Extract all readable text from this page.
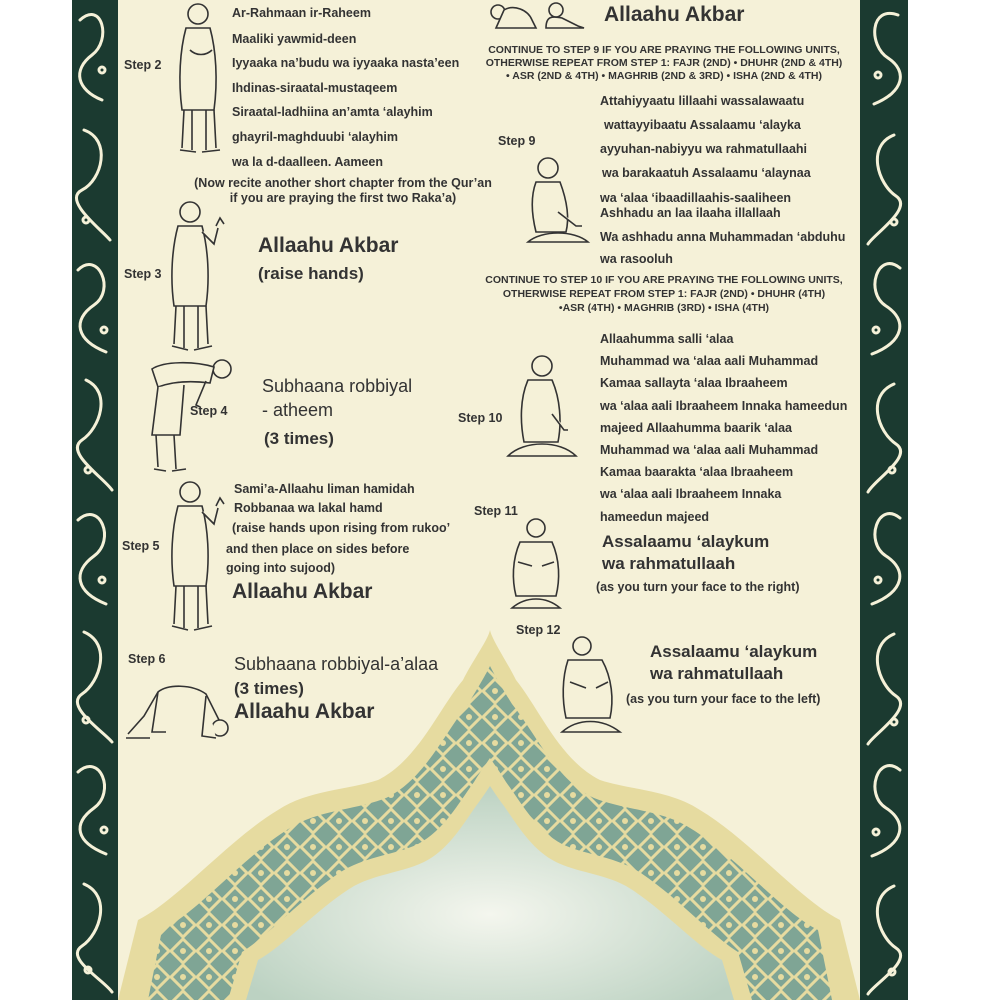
Step 2
Ar-Rahmaan ir-Raheem
Maaliki yawmid-deen
Iyyaaka na’budu wa iyyaaka nasta’een
Ihdinas-siraatal-mustaqeem
Siraatal-ladhiina an’amta ‘alayhim
ghayril-maghduubi ‘alayhim
wa la d-daalleen. Aameen
(Now recite another short chapter from the Qur’an
if you are praying the first two Raka’a)
Step 3
Allaahu Akbar
(raise hands)
Step 4
Subhaana robbiyal
- atheem
(3 times)
Step 5
Sami’a-Allaahu liman hamidah
Robbanaa wa lakal hamd
(raise hands upon rising from rukoo’
and then place on sides before
going into sujood)
Allaahu Akbar
Step 6	Subhaana robbiyal-a’alaa
(3 times)
Allaahu Akbar
Allaahu Akbar
CONTINUE TO STEP 9 IF YOU ARE PRAYING THE FOLLOWING UNITS,
OTHERWISE REPEAT FROM STEP 1: FAJR (2ND) • DHUHR (2ND & 4TH)
• ASR (2ND & 4TH) • MAGHRIB (2ND & 3RD) • ISHA (2ND & 4TH)
Step 9
Attahiyyaatu lillaahi wassalawaatu
wattayyibaatu Assalaamu ‘alayka
ayyuhan-nabiyyu wa rahmatullaahi
wa barakaatuh Assalaamu ‘alaynaa
wa ‘alaa ‘ibaadillaahis-saaliheen
Ashhadu an laa ilaaha illallaah
Wa ashhadu anna Muhammadan ‘abduhu
wa rasooluh
CONTINUE TO STEP 10 IF YOU ARE PRAYING THE FOLLOWING UNITS,
OTHERWISE REPEAT FROM STEP 1: FAJR (2ND) • DHUHR (4TH)
•ASR (4TH) • MAGHRIB (3RD) • ISHA (4TH)
Step 10
Allaahumma salli ‘alaa
Muhammad wa ‘alaa aali Muhammad
Kamaa sallayta ‘alaa Ibraaheem
wa ‘alaa aali Ibraaheem Innaka hameedun
majeed Allaahumma baarik ‘alaa
Muhammad wa ‘alaa aali Muhammad
Kamaa baarakta ‘alaa Ibraaheem
wa ‘alaa aali Ibraaheem Innaka
hameedun majeed
Step 11
Assalaamu ‘alaykum
wa rahmatullaah
(as you turn your face to the right)
Step 12
Assalaamu ‘alaykum
wa rahmatullaah
(as you turn your face to the left)
